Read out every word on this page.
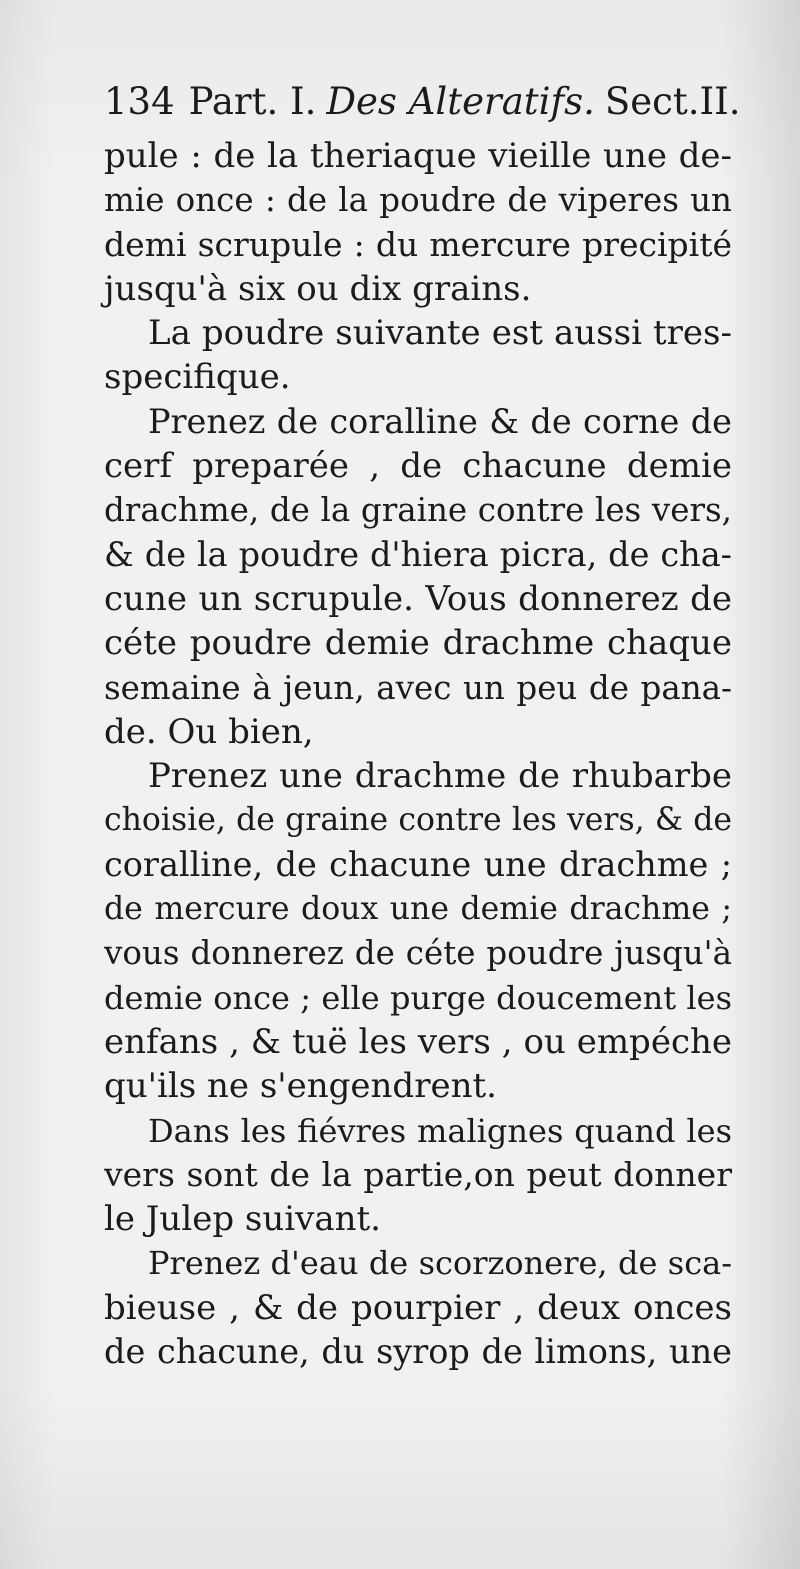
134 Part. I. Des Alteratifs. Sect.II.
pule : de la theriaque vieille une de-
mie once : de la poudre de viperes un
demi scrupule : du mercure precipité
jusqu'à six ou dix grains.
La poudre suivante est aussi tres-
specifique.
Prenez de coralline & de corne de
cerf preparée , de chacune demie
drachme, de la graine contre les vers,
& de la poudre d'hiera picra, de cha-
cune un scrupule. Vous donnerez de
céte poudre demie drachme chaque
semaine à jeun, avec un peu de pana-
de. Ou bien,
Prenez une drachme de rhubarbe
choisie, de graine contre les vers, & de
coralline, de chacune une drachme ;
de mercure doux une demie drachme ;
vous donnerez de céte poudre jusqu'à
demie once ; elle purge doucement les
enfans , & tuë les vers , ou empéche
qu'ils ne s'engendrent.
Dans les fiévres malignes quand les
vers sont de la partie,on peut donner
le Julep suivant.
Prenez d'eau de scorzonere, de sca-
bieuse , & de pourpier , deux onces
de chacune, du syrop de limons, une
